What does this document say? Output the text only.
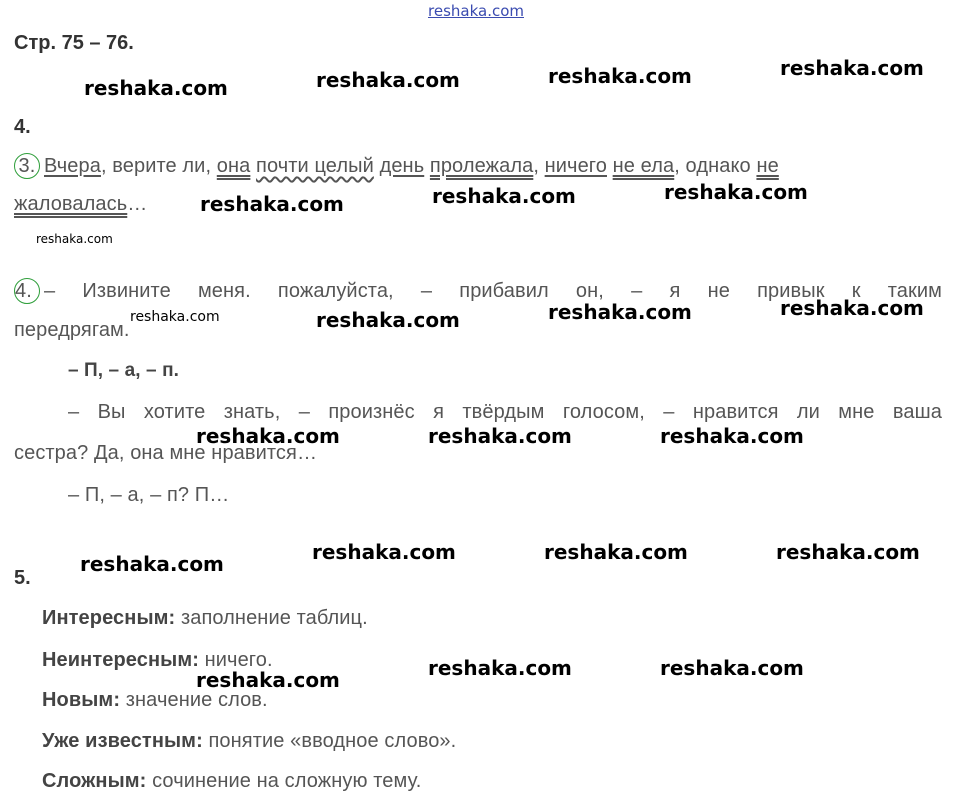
reshaka.com
Стр. 75 – 76.
reshaka.com	reshaka.com	reshaka.com	reshaka.com
4.
3. Вчера, верите ли, она почти целый день пролежала, ничего не ела, однако не
жаловалась…	reshaka.com	reshaka.com	reshaka.com
reshaka.com
4. – Извините меня. пожалуйста, – прибавил он, – я не привык к таким
передрягам.
reshaka.com	reshaka.com	reshaka.com	reshaka.com
– П, – а, – п.
– Вы хотите знать, – произнёс я твёрдым голосом, – нравится ли мне ваша
сестра? Да, она мне нравится…
reshaka.com	reshaka.com	reshaka.com
– П, – а, – п? П…
reshaka.com	reshaka.com	reshaka.com
reshaka.com
5.
Интересным: заполнение таблиц.
Неинтересным: ничего.	reshaka.com	reshaka.com
reshaka.com
Новым: значение слов.
Уже известным: понятие «вводное слово».
Сложным: сочинение на сложную тему.
